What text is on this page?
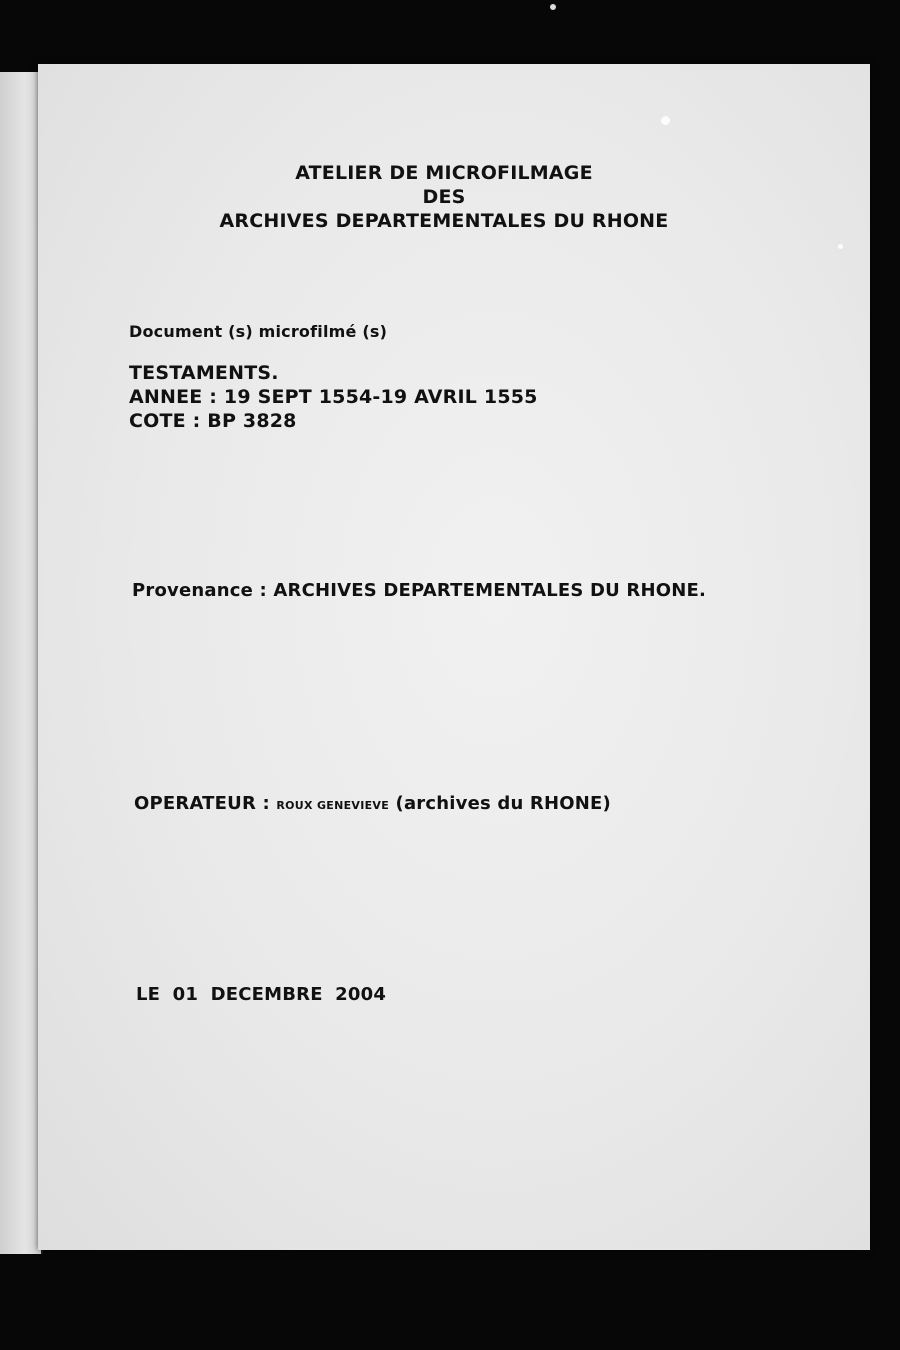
ATELIER DE MICROFILMAGE
DES
ARCHIVES DEPARTEMENTALES DU RHONE
Document (s) microfilmé (s)
TESTAMENTS.
ANNEE : 19 SEPT 1554-19 AVRIL 1555
COTE : BP 3828
Provenance : ARCHIVES DEPARTEMENTALES DU RHONE.
OPERATEUR : ROUX GENEVIEVE (archives du RHONE)
LE 01 DECEMBRE 2004
